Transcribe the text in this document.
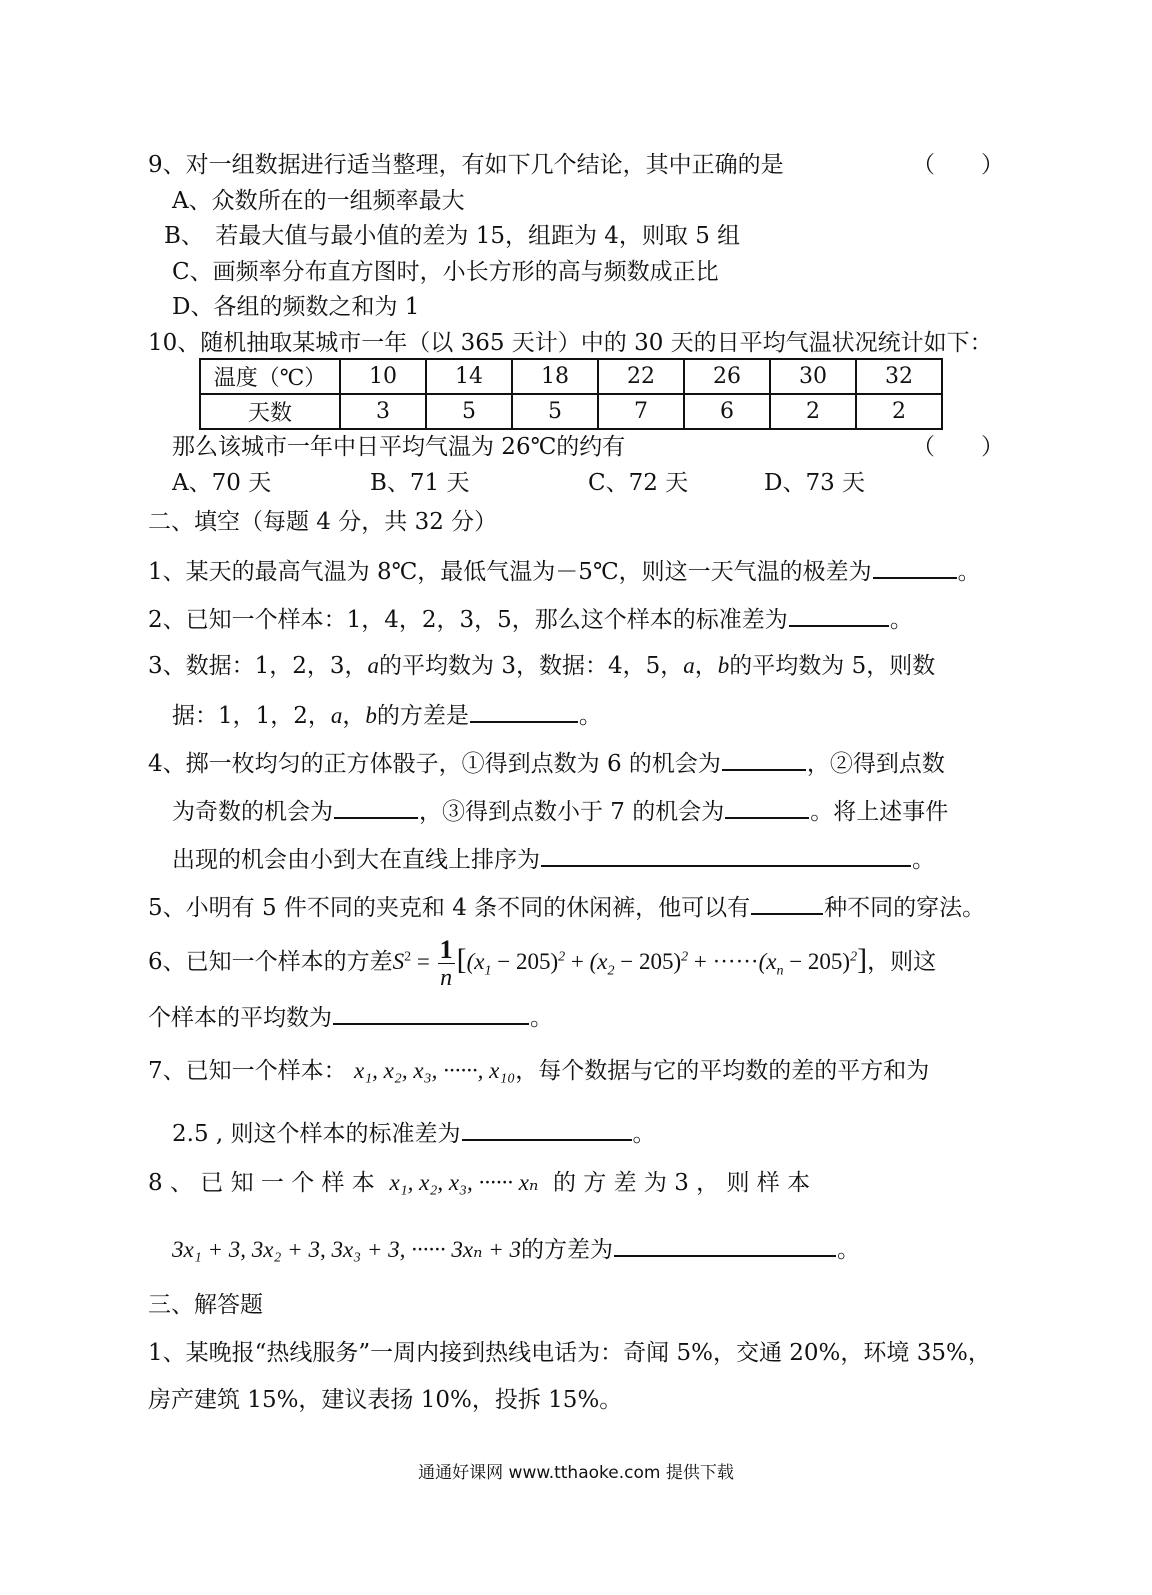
9、对一组数据进行适当整理，有如下几个结论，其中正确的是	（　　）
A、众数所在的一组频率最大
B、　若最大值与最小值的差为 15，组距为 4，则取 5 组
C、画频率分布直方图时，小长方形的高与频数成正比
D、各组的频数之和为 1
10、随机抽取某城市一年（以 365 天计）中的 30 天的日平均气温状况统计如下：
温度（℃）	10	14	18	22	26	30	32
天数	3	5	5	7	6	2	2
那么该城市一年中日平均气温为 26℃的约有	（　　）
A、70 天	B、71 天	C、72 天	D、73 天
二、填空（每题 4 分，共 32 分）
1、某天的最高气温为 8℃，最低气温为－5℃，则这一天气温的极差为	。
2、已知一个样本：1，4，2，3，5，那么这个样本的标准差为	。
3、数据：1，2，3，a的平均数为 3，数据：4，5，a，b的平均数为 5，则数
据：1，1，2，a，b的方差是	。
4、掷一枚均匀的正方体骰子，①得到点数为 6 的机会为	，②得到点数
为奇数的机会为	，③得到点数小于 7 的机会为	。将上述事件
出现的机会由小到大在直线上排序为	。
5、小明有 5 件不同的夹克和 4 条不同的休闲裤，他可以有	种不同的穿法。
6、已知一个样本的方差$S^2 = \frac{1}{n} [(x_1 - 205)^2 + (x_2 - 205)^2 + \cdot\cdot\cdot\cdot\cdot\cdot(x_n - 205)^2]$，则这
个样本的平均数为	。
7、已知一个样本： x₁, x₂, x₃, ······, x₁₀，每个数据与它的平均数的差的平方和为
2.5 , 则这个样本的标准差为	。
8 、 已 知 一 个 样 本 x₁, x₂, x₃, ······ xₙ 的 方 差 为 3 ， 则 样 本
3x₁ + 3, 3x₂ + 3, 3x₃ + 3, ······ 3xₙ + 3的方差为	。
三、解答题
1、某晚报“热线服务”一周内接到热线电话为：奇闻 5%，交通 20%，环境 35%，
房产建筑 15%，建议表扬 10%，投拆 15%。
通通好课网 www.tthaoke.com 提供下载
